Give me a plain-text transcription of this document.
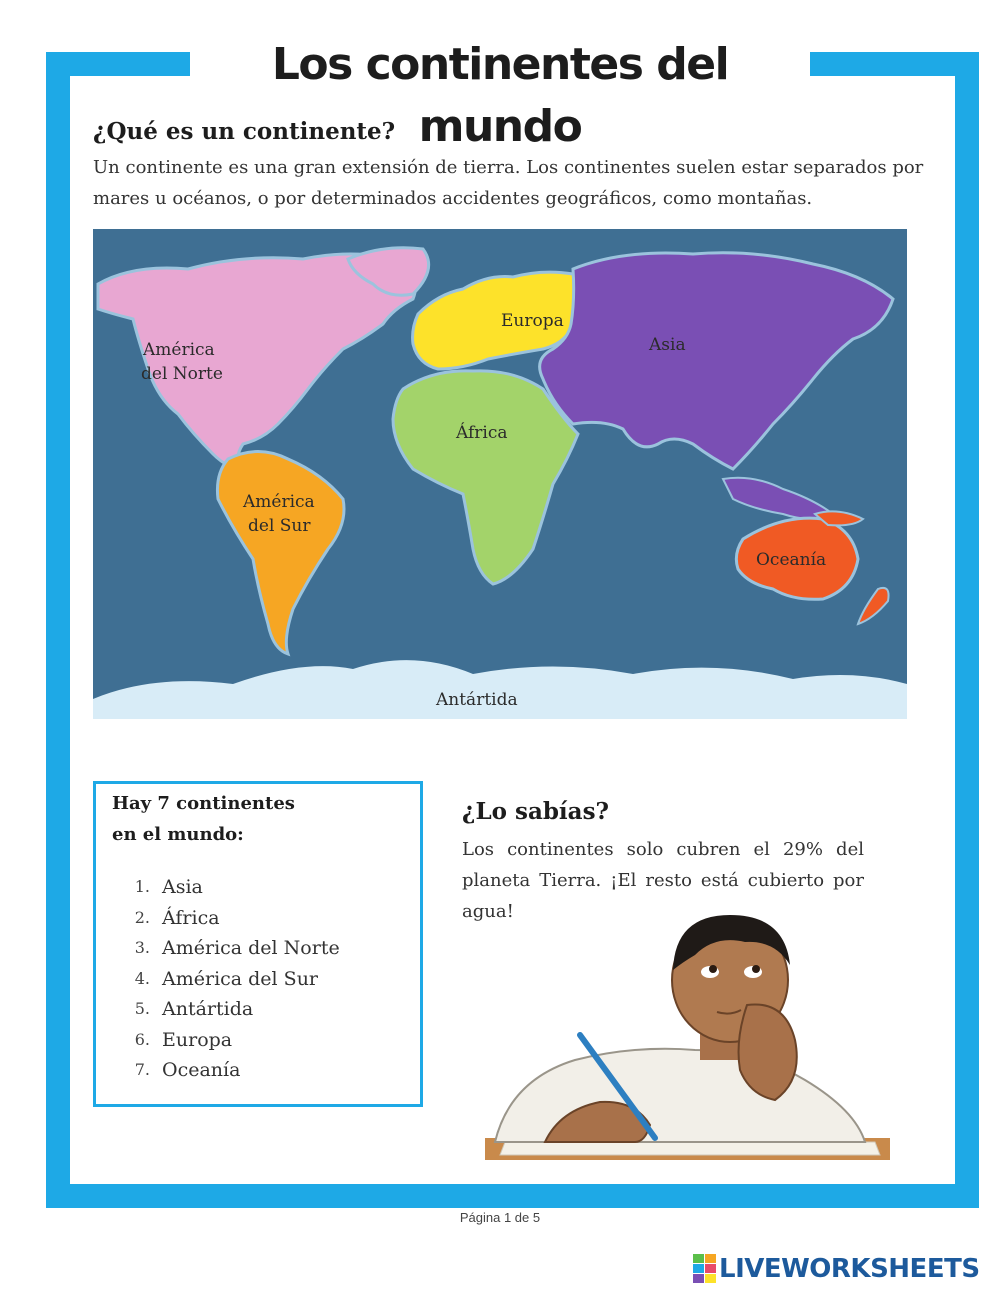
Los continentes del mundo
¿Qué es un continente?

Un continente es una gran extensión de tierra. Los continentes suelen estar separados por mares u océanos, o por determinados accidentes geográficos, como montañas.

América
del Norte
América
del Sur
Europa
África
Asia
Oceanía
Antártida
Hay 7 continentes
en el mundo:
1. Asia
2. África
3. América del Norte
4. América del Sur
5. Antártida
6. Europa
7. Oceanía
¿Lo sabías?

Los continentes solo cubren el 29% del planeta Tierra. ¡El resto está cubierto por agua!

Página 1 de 5
LIVEWORKSHEETS
